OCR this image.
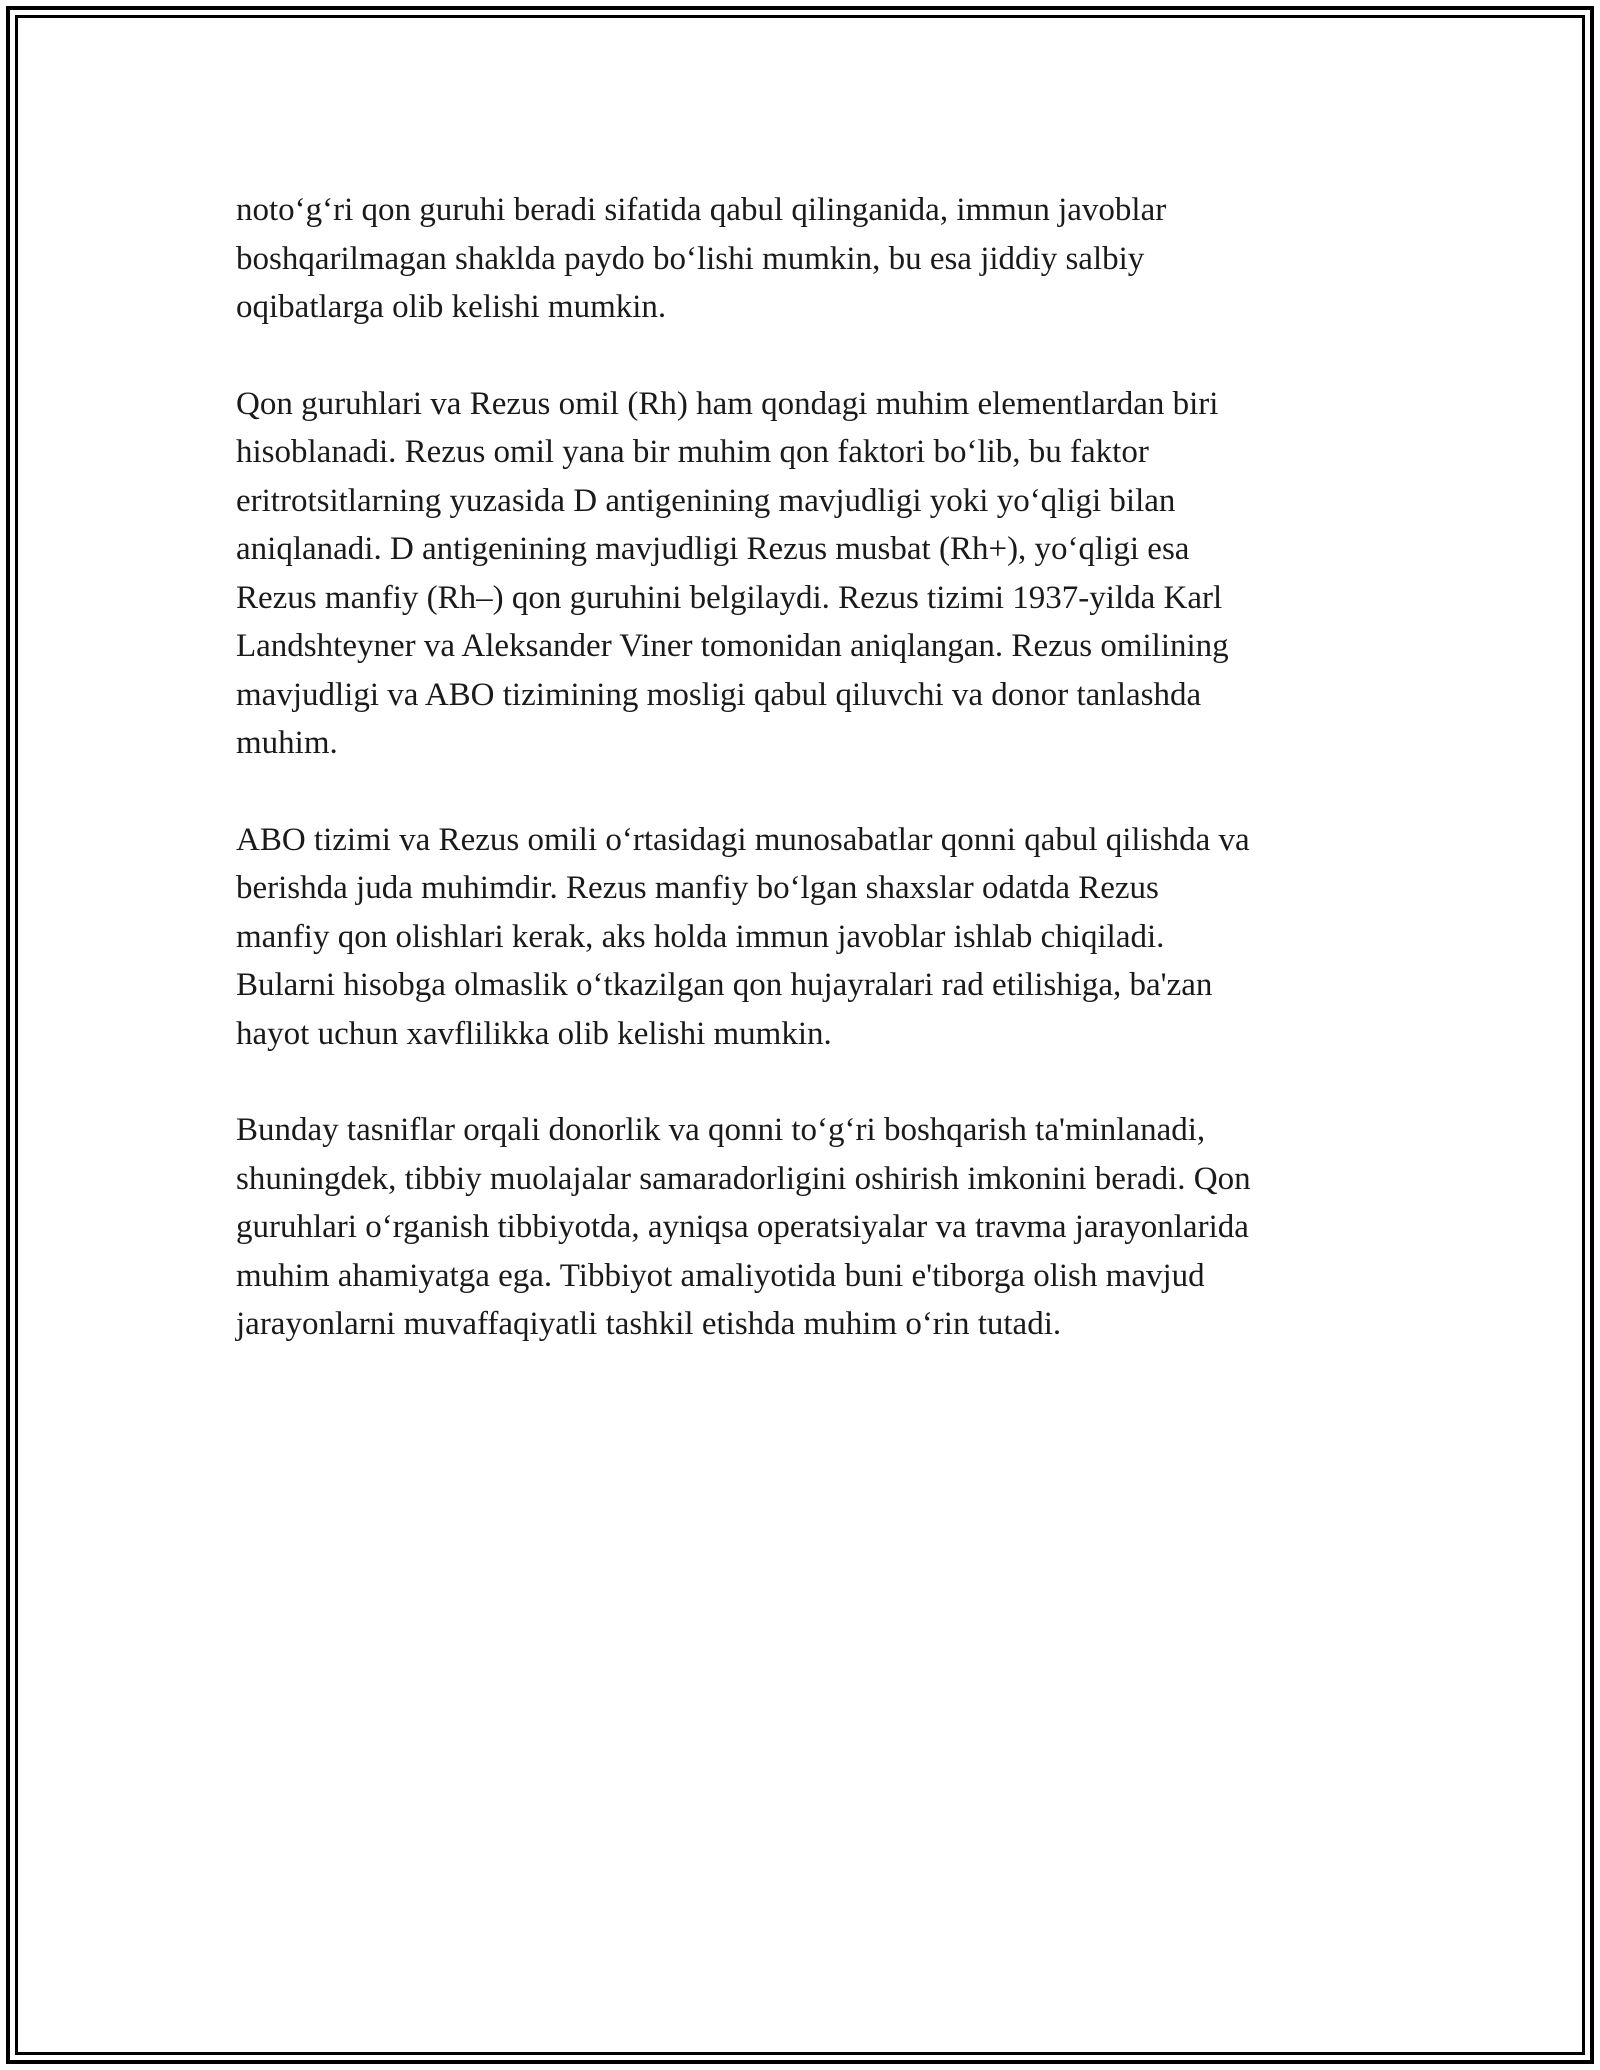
noto‘g‘ri qon guruhi beradi sifatida qabul qilinganida, immun javoblar
boshqarilmagan shaklda paydo bo‘lishi mumkin, bu esa jiddiy salbiy
oqibatlarga olib kelishi mumkin.

Qon guruhlari va Rezus omil (Rh) ham qondagi muhim elementlardan biri
hisoblanadi. Rezus omil yana bir muhim qon faktori bo‘lib, bu faktor
eritrotsitlarning yuzasida D antigenining mavjudligi yoki yo‘qligi bilan
aniqlanadi. D antigenining mavjudligi Rezus musbat (Rh+), yo‘qligi esa
Rezus manfiy (Rh–) qon guruhini belgilaydi. Rezus tizimi 1937-yilda Karl
Landshteyner va Aleksander Viner tomonidan aniqlangan. Rezus omilining
mavjudligi va ABO tizimining mosligi qabul qiluvchi va donor tanlashda
muhim.

ABO tizimi va Rezus omili o‘rtasidagi munosabatlar qonni qabul qilishda va
berishda juda muhimdir. Rezus manfiy bo‘lgan shaxslar odatda Rezus
manfiy qon olishlari kerak, aks holda immun javoblar ishlab chiqiladi.
Bularni hisobga olmaslik o‘tkazilgan qon hujayralari rad etilishiga, ba'zan
hayot uchun xavflilikka olib kelishi mumkin.

Bunday tasniflar orqali donorlik va qonni to‘g‘ri boshqarish ta'minlanadi,
shuningdek, tibbiy muolajalar samaradorligini oshirish imkonini beradi. Qon
guruhlari o‘rganish tibbiyotda, ayniqsa operatsiyalar va travma jarayonlarida
muhim ahamiyatga ega. Tibbiyot amaliyotida buni e'tiborga olish mavjud
jarayonlarni muvaffaqiyatli tashkil etishda muhim o‘rin tutadi.
